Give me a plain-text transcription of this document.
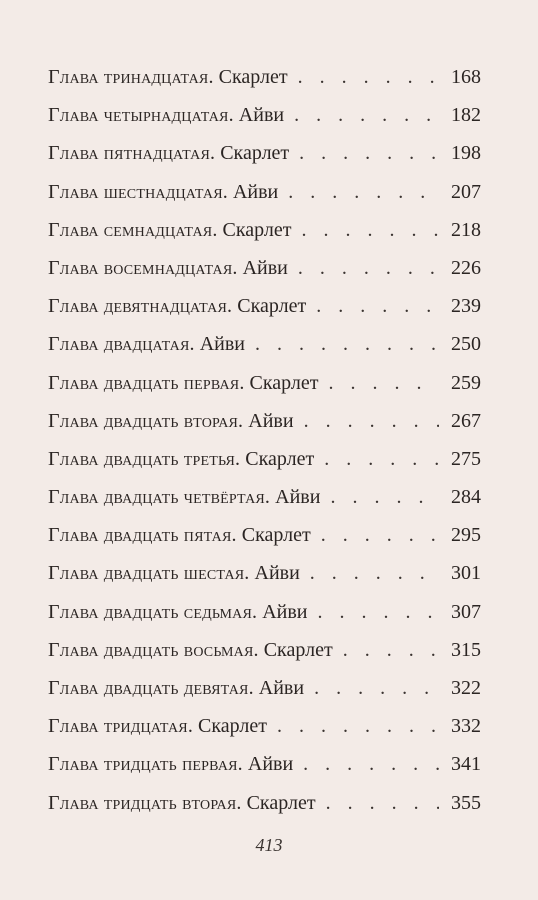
Глава
тринадцатая.
Скарлет . . .	168
Глава
четырнадцатая.
Айви . . .	182
Глава
пятнадцатая.
Скарлет . . .	198
Глава
шестнадцатая.
Айви . . .	207
Глава
семнадцатая.
Скарлет . . .	218
Глава
восемнадцатая.
Айви . . .	226
Глава
девятнадцатая.
Скарлет . . .	239
Глава
двадцатая.
Айви . . .	250
Глава
двадцать первая.
Скарлет . . .	259
Глава
двадцать вторая.
Айви . . .	267
Глава
двадцать третья.
Скарлет . . .	275
Глава
двадцать четвёртая.
Айви . . .	284
Глава
двадцать пятая.
Скарлет . . .	295
Глава
двадцать шестая.
Айви . . .	301
Глава
двадцать седьмая.
Айви . . .	307
Глава
двадцать восьмая.
Скарлет . . .	315
Глава
двадцать девятая.
Айви . . .	322
Глава
тридцатая.
Скарлет . . .	332
Глава
тридцать первая.
Айви . . .	341
Глава
тридцать вторая.
Скарлет . . .	355
413
